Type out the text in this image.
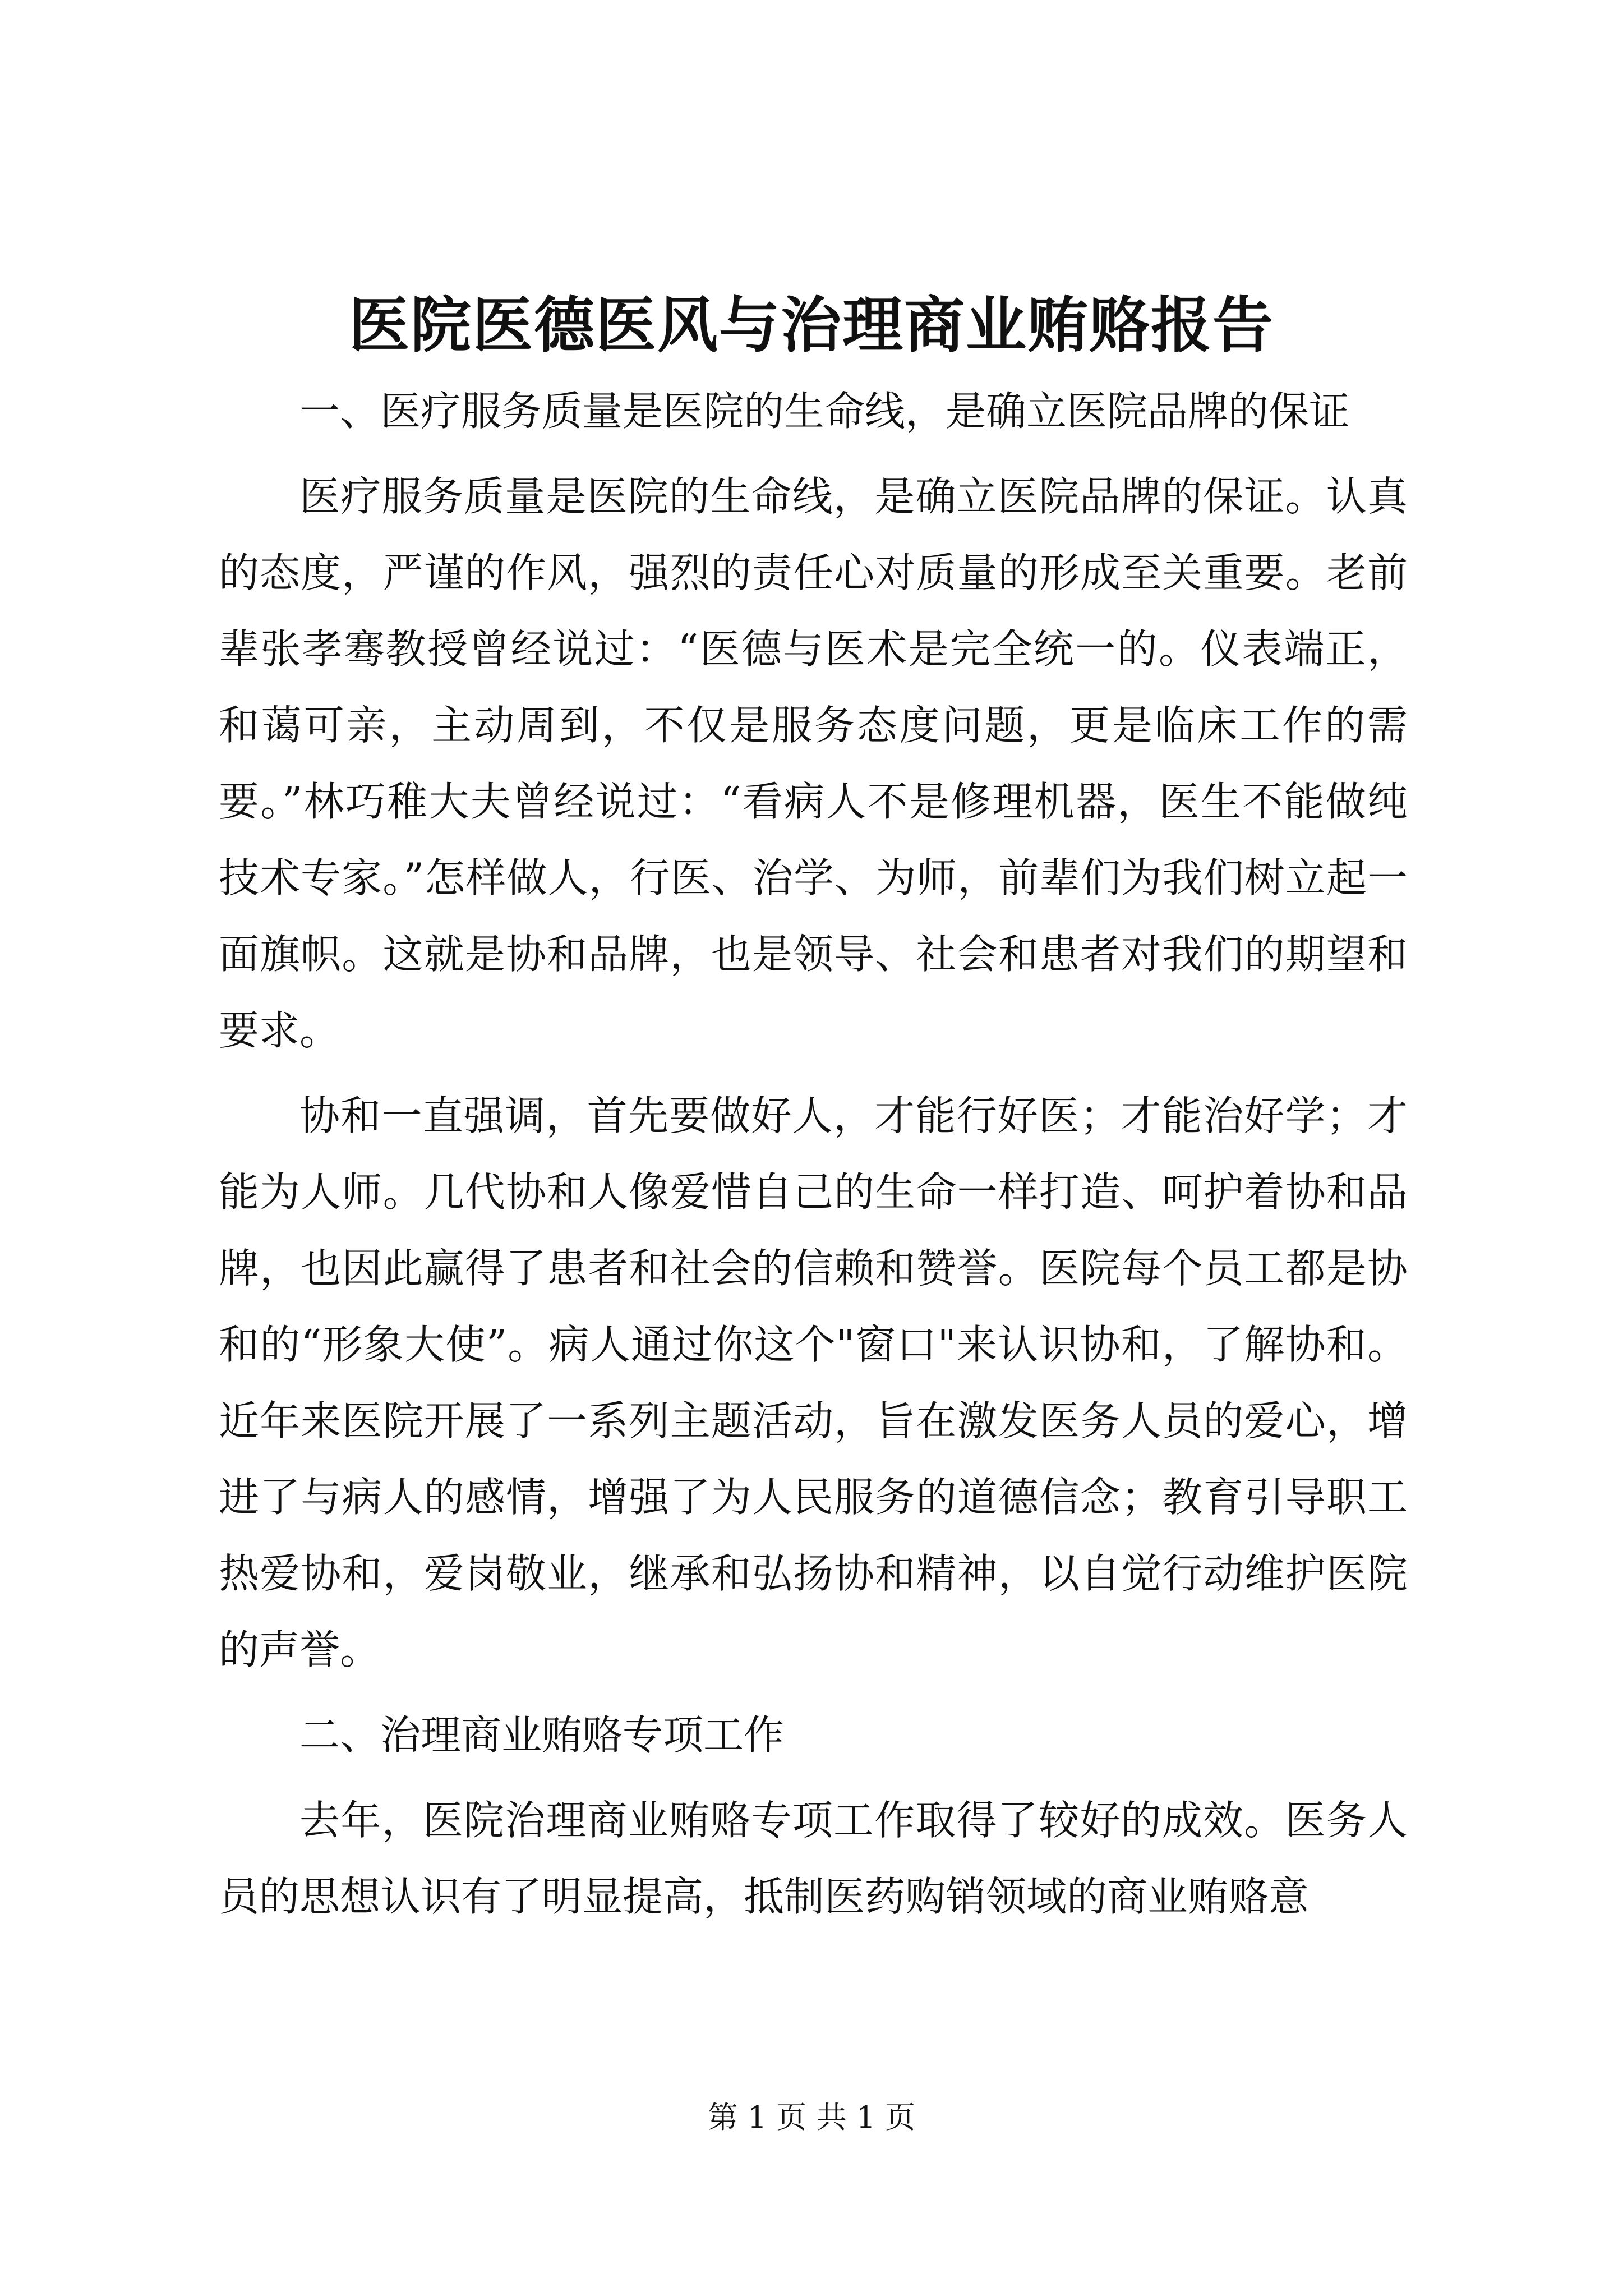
医院医德医风与治理商业贿赂报告

一、医疗服务质量是医院的生命线，是确立医院品牌的保证

医疗服务质量是医院的生命线，是确立医院品牌的保证。认真的态度，严谨的作风，强烈的责任心对质量的形成至关重要。老前辈张孝骞教授曾经说过：“医德与医术是完全统一的。仪表端正，和蔼可亲，主动周到，不仅是服务态度问题，更是临床工作的需要。”林巧稚大夫曾经说过：“看病人不是修理机器，医生不能做纯技术专家。”怎样做人，行医、治学、为师，前辈们为我们树立起一面旗帜。这就是协和品牌，也是领导、社会和患者对我们的期望和要求。

协和一直强调，首先要做好人，才能行好医；才能治好学；才能为人师。几代协和人像爱惜自己的生命一样打造、呵护着协和品牌，也因此赢得了患者和社会的信赖和赞誉。医院每个员工都是协和的“形象大使”。病人通过你这个"窗口"来认识协和，了解协和。近年来医院开展了一系列主题活动，旨在激发医务人员的爱心，增进了与病人的感情，增强了为人民服务的道德信念；教育引导职工热爱协和，爱岗敬业，继承和弘扬协和精神，以自觉行动维护医院的声誉。

二、治理商业贿赂专项工作

去年，医院治理商业贿赂专项工作取得了较好的成效。医务人员的思想认识有了明显提高，抵制医药购销领域的商业贿赂意

第 1 页 共 1 页
